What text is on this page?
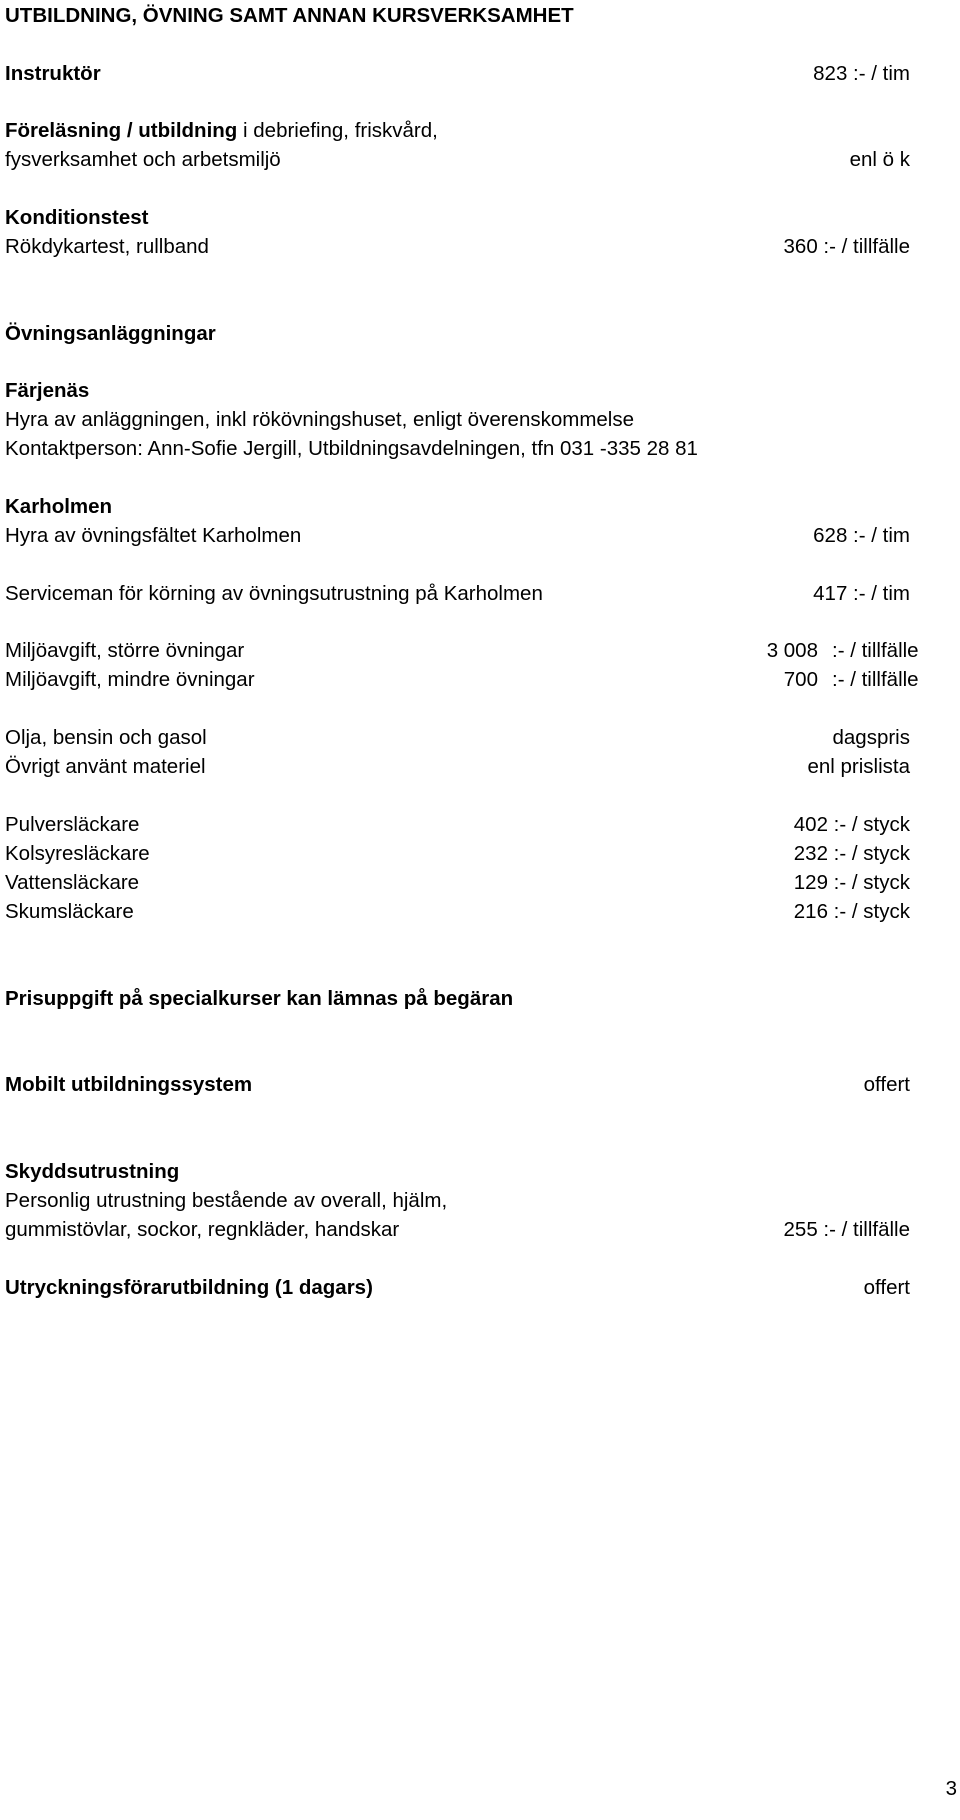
UTBILDNING, ÖVNING SAMT ANNAN KURSVERKSAMHET
Instruktör	823 :- / tim
Föreläsning / utbildning i debriefing, friskvård,
fysverksamhet och arbetsmiljö	enl ö k
Konditionstest
Rökdykartest, rullband	360 :- / tillfälle
Övningsanläggningar
Färjenäs
Hyra av anläggningen, inkl rökövningshuset, enligt överenskommelse
Kontaktperson: Ann-Sofie Jergill, Utbildningsavdelningen, tfn 031 -335 28 81
Karholmen
Hyra av övningsfältet Karholmen	628 :- / tim
Serviceman för körning av övningsutrustning på Karholmen	417 :- / tim
Miljöavgift, större övningar	3 008 :- / tillfälle
Miljöavgift, mindre övningar	700 :- / tillfälle
Olja, bensin och gasol	dagspris
Övrigt använt materiel	enl prislista
Pulversläckare	402 :- / styck
Kolsyresläckare	232 :- / styck
Vattensläckare	129 :- / styck
Skumsläckare	216 :- / styck
Prisuppgift på specialkurser kan lämnas på begäran
Mobilt utbildningssystem	offert
Skyddsutrustning
Personlig utrustning bestående av overall, hjälm,
gummistövlar, sockor, regnkläder, handskar	255 :- / tillfälle
Utryckningsförarutbildning (1 dagars)	offert
3
